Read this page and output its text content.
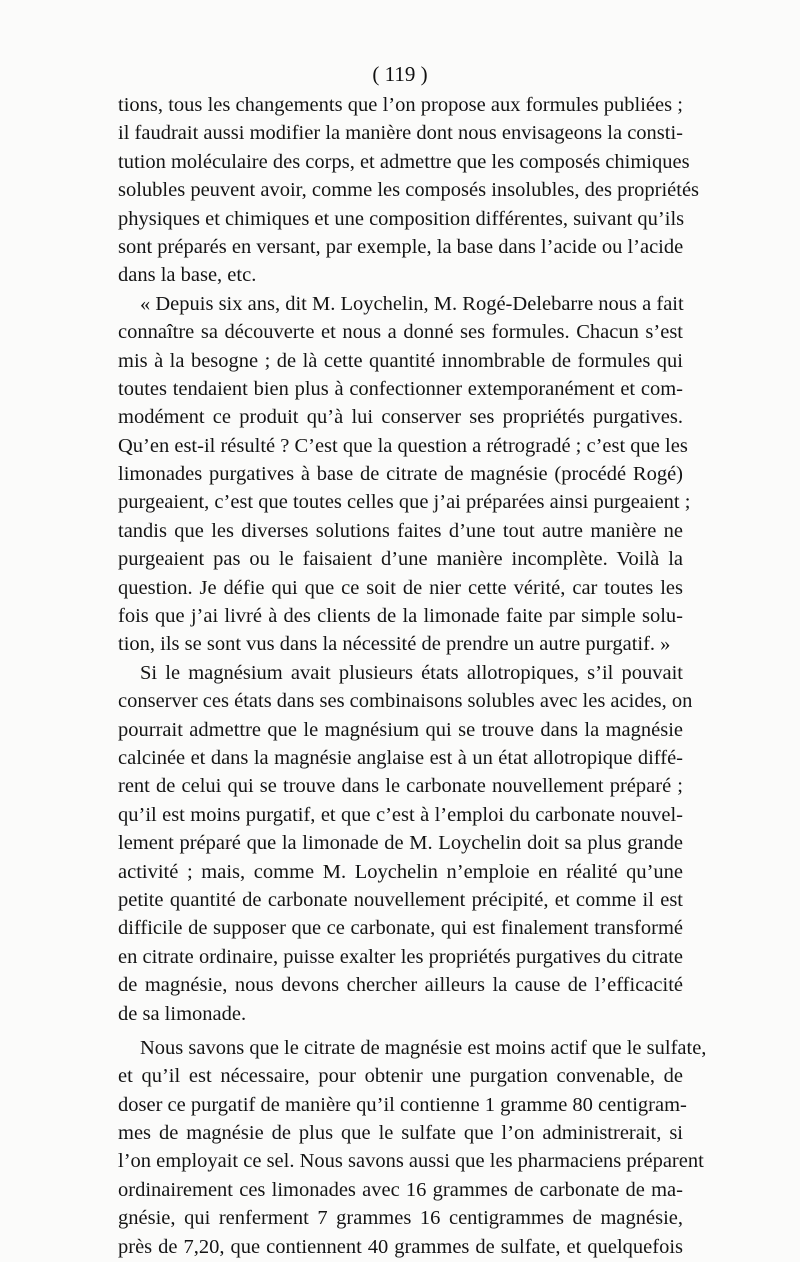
( 119 )
tions, tous les changements que l’on propose aux formules publiées ;
il faudrait aussi modifier la manière dont nous envisageons la consti-
tution moléculaire des corps, et admettre que les composés chimiques
solubles peuvent avoir, comme les composés insolubles, des propriétés
physiques et chimiques et une composition différentes, suivant qu’ils
sont préparés en versant, par exemple, la base dans l’acide ou l’acide
dans la base, etc.
« Depuis six ans, dit M. Loychelin, M. Rogé-Delebarre nous a fait
connaître sa découverte et nous a donné ses formules. Chacun s’est
mis à la besogne ; de là cette quantité innombrable de formules qui
toutes tendaient bien plus à confectionner extemporanément et com-
modément ce produit qu’à lui conserver ses propriétés purgatives.
Qu’en est-il résulté ? C’est que la question a rétrogradé ; c’est que les
limonades purgatives à base de citrate de magnésie (procédé Rogé)
purgeaient, c’est que toutes celles que j’ai préparées ainsi purgeaient ;
tandis que les diverses solutions faites d’une tout autre manière ne
purgeaient pas ou le faisaient d’une manière incomplète. Voilà la
question. Je défie qui que ce soit de nier cette vérité, car toutes les
fois que j’ai livré à des clients de la limonade faite par simple solu-
tion, ils se sont vus dans la nécessité de prendre un autre purgatif. »
Si le magnésium avait plusieurs états allotropiques, s’il pouvait
conserver ces états dans ses combinaisons solubles avec les acides, on
pourrait admettre que le magnésium qui se trouve dans la magnésie
calcinée et dans la magnésie anglaise est à un état allotropique diffé-
rent de celui qui se trouve dans le carbonate nouvellement préparé ;
qu’il est moins purgatif, et que c’est à l’emploi du carbonate nouvel-
lement préparé que la limonade de M. Loychelin doit sa plus grande
activité ; mais, comme M. Loychelin n’emploie en réalité qu’une
petite quantité de carbonate nouvellement précipité, et comme il est
difficile de supposer que ce carbonate, qui est finalement transformé
en citrate ordinaire, puisse exalter les propriétés purgatives du citrate
de magnésie, nous devons chercher ailleurs la cause de l’efficacité
de sa limonade.
Nous savons que le citrate de magnésie est moins actif que le sulfate,
et qu’il est nécessaire, pour obtenir une purgation convenable, de
doser ce purgatif de manière qu’il contienne 1 gramme 80 centigram-
mes de magnésie de plus que le sulfate que l’on administrerait, si
l’on employait ce sel. Nous savons aussi que les pharmaciens préparent
ordinairement ces limonades avec 16 grammes de carbonate de ma-
gnésie, qui renferment 7 grammes 16 centigrammes de magnésie,
près de 7,20, que contiennent 40 grammes de sulfate, et quelquefois
